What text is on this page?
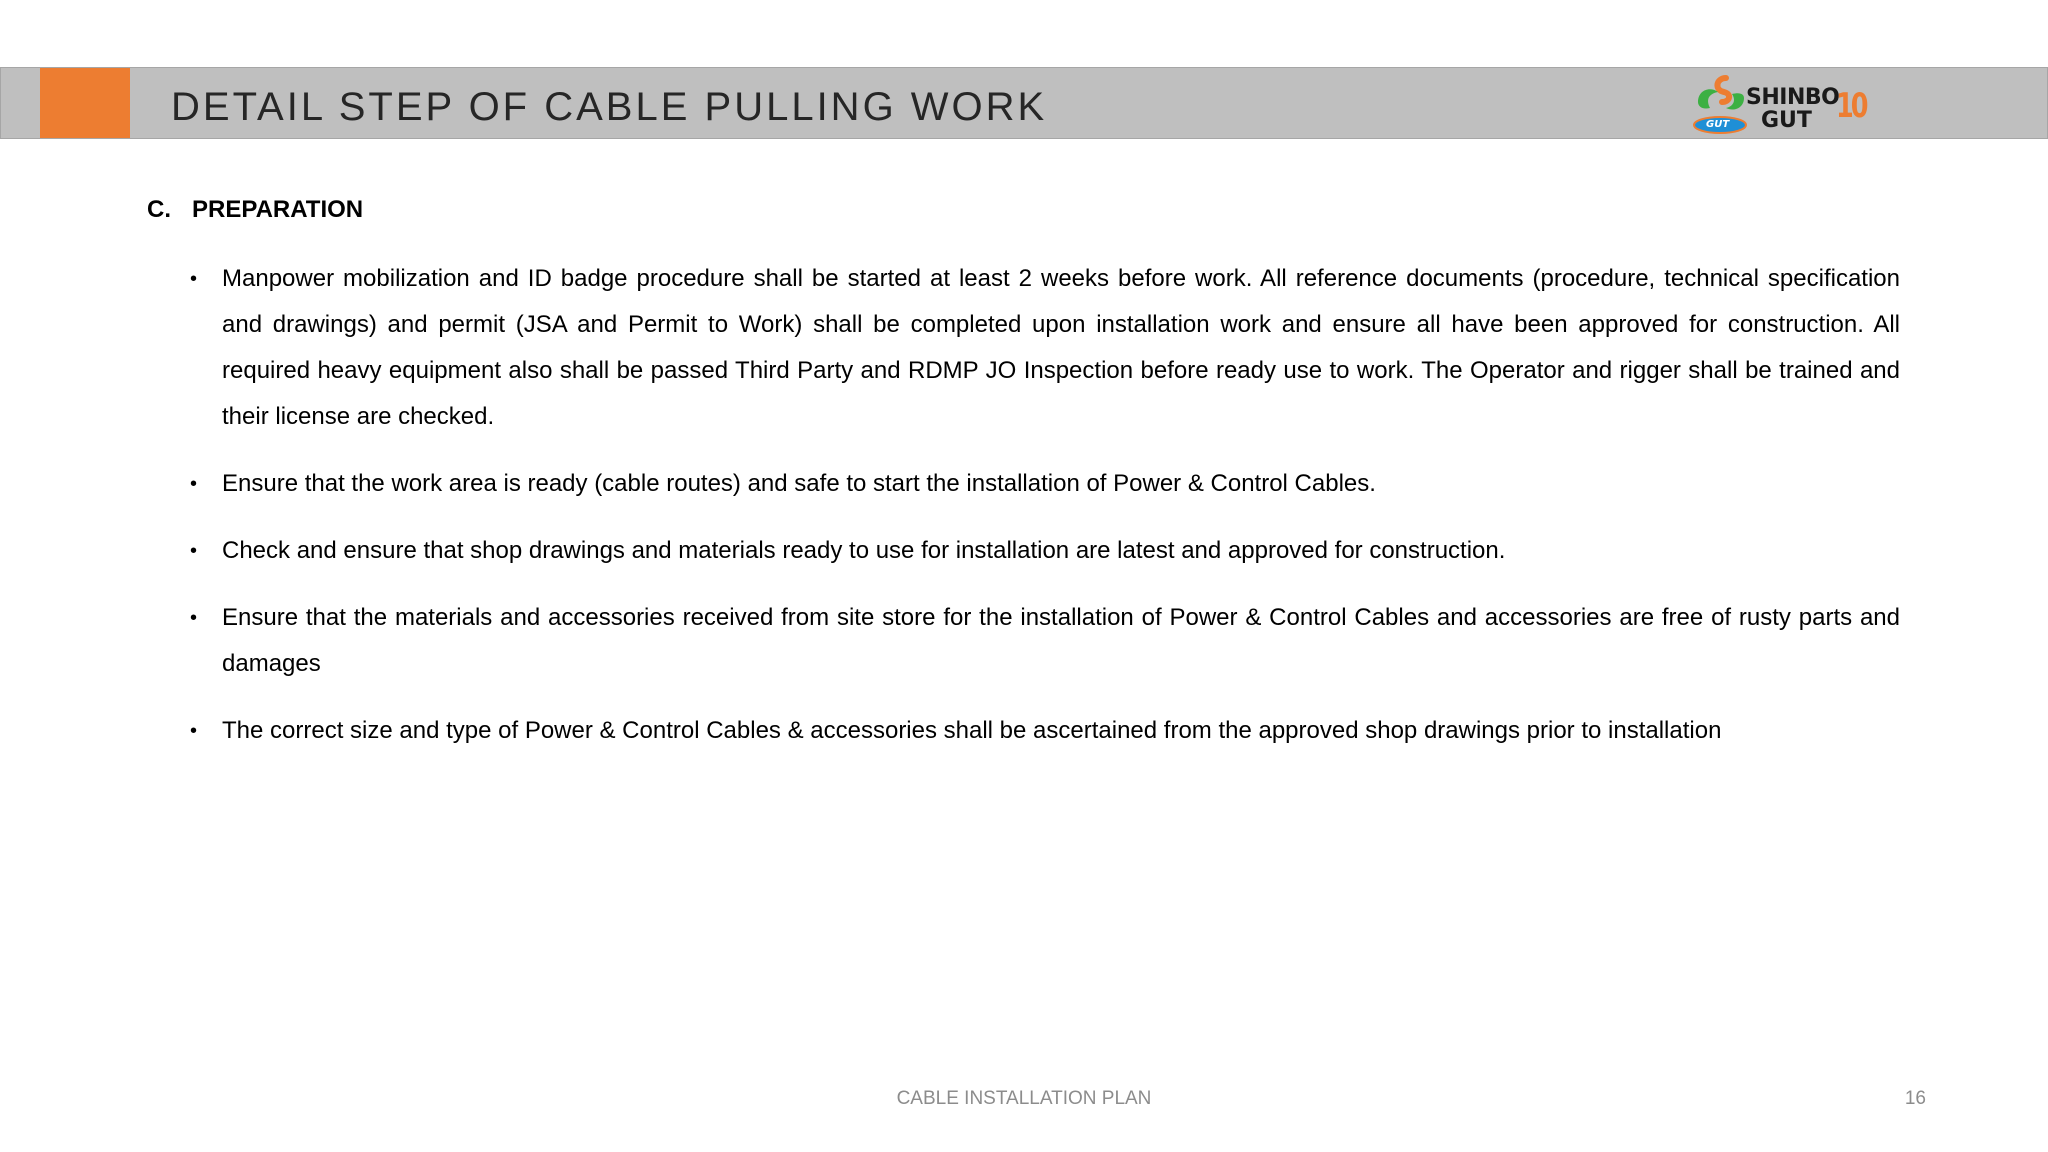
DETAIL STEP OF CABLE PULLING WORK	SHINBO
GUT
GUT	10
C. PREPARATION
• Manpower mobilization and ID badge procedure shall be started at least 2 weeks before work. All reference documents (procedure, technical specification and drawings) and permit (JSA and Permit to Work) shall be completed upon installation work and ensure all have been approved for construction. All required heavy equipment also shall be passed Third Party and RDMP JO Inspection before ready use to work. The Operator and rigger shall be trained and their license are checked.
• Ensure that the work area is ready (cable routes) and safe to start the installation of Power & Control Cables.
• Check and ensure that shop drawings and materials ready to use for installation are latest and approved for construction.
• Ensure that the materials and accessories received from site store for the installation of Power & Control Cables and accessories are free of rusty parts and damages
• The correct size and type of Power & Control Cables & accessories shall be ascertained from the approved shop drawings prior to installation
CABLE INSTALLATION PLAN	16
